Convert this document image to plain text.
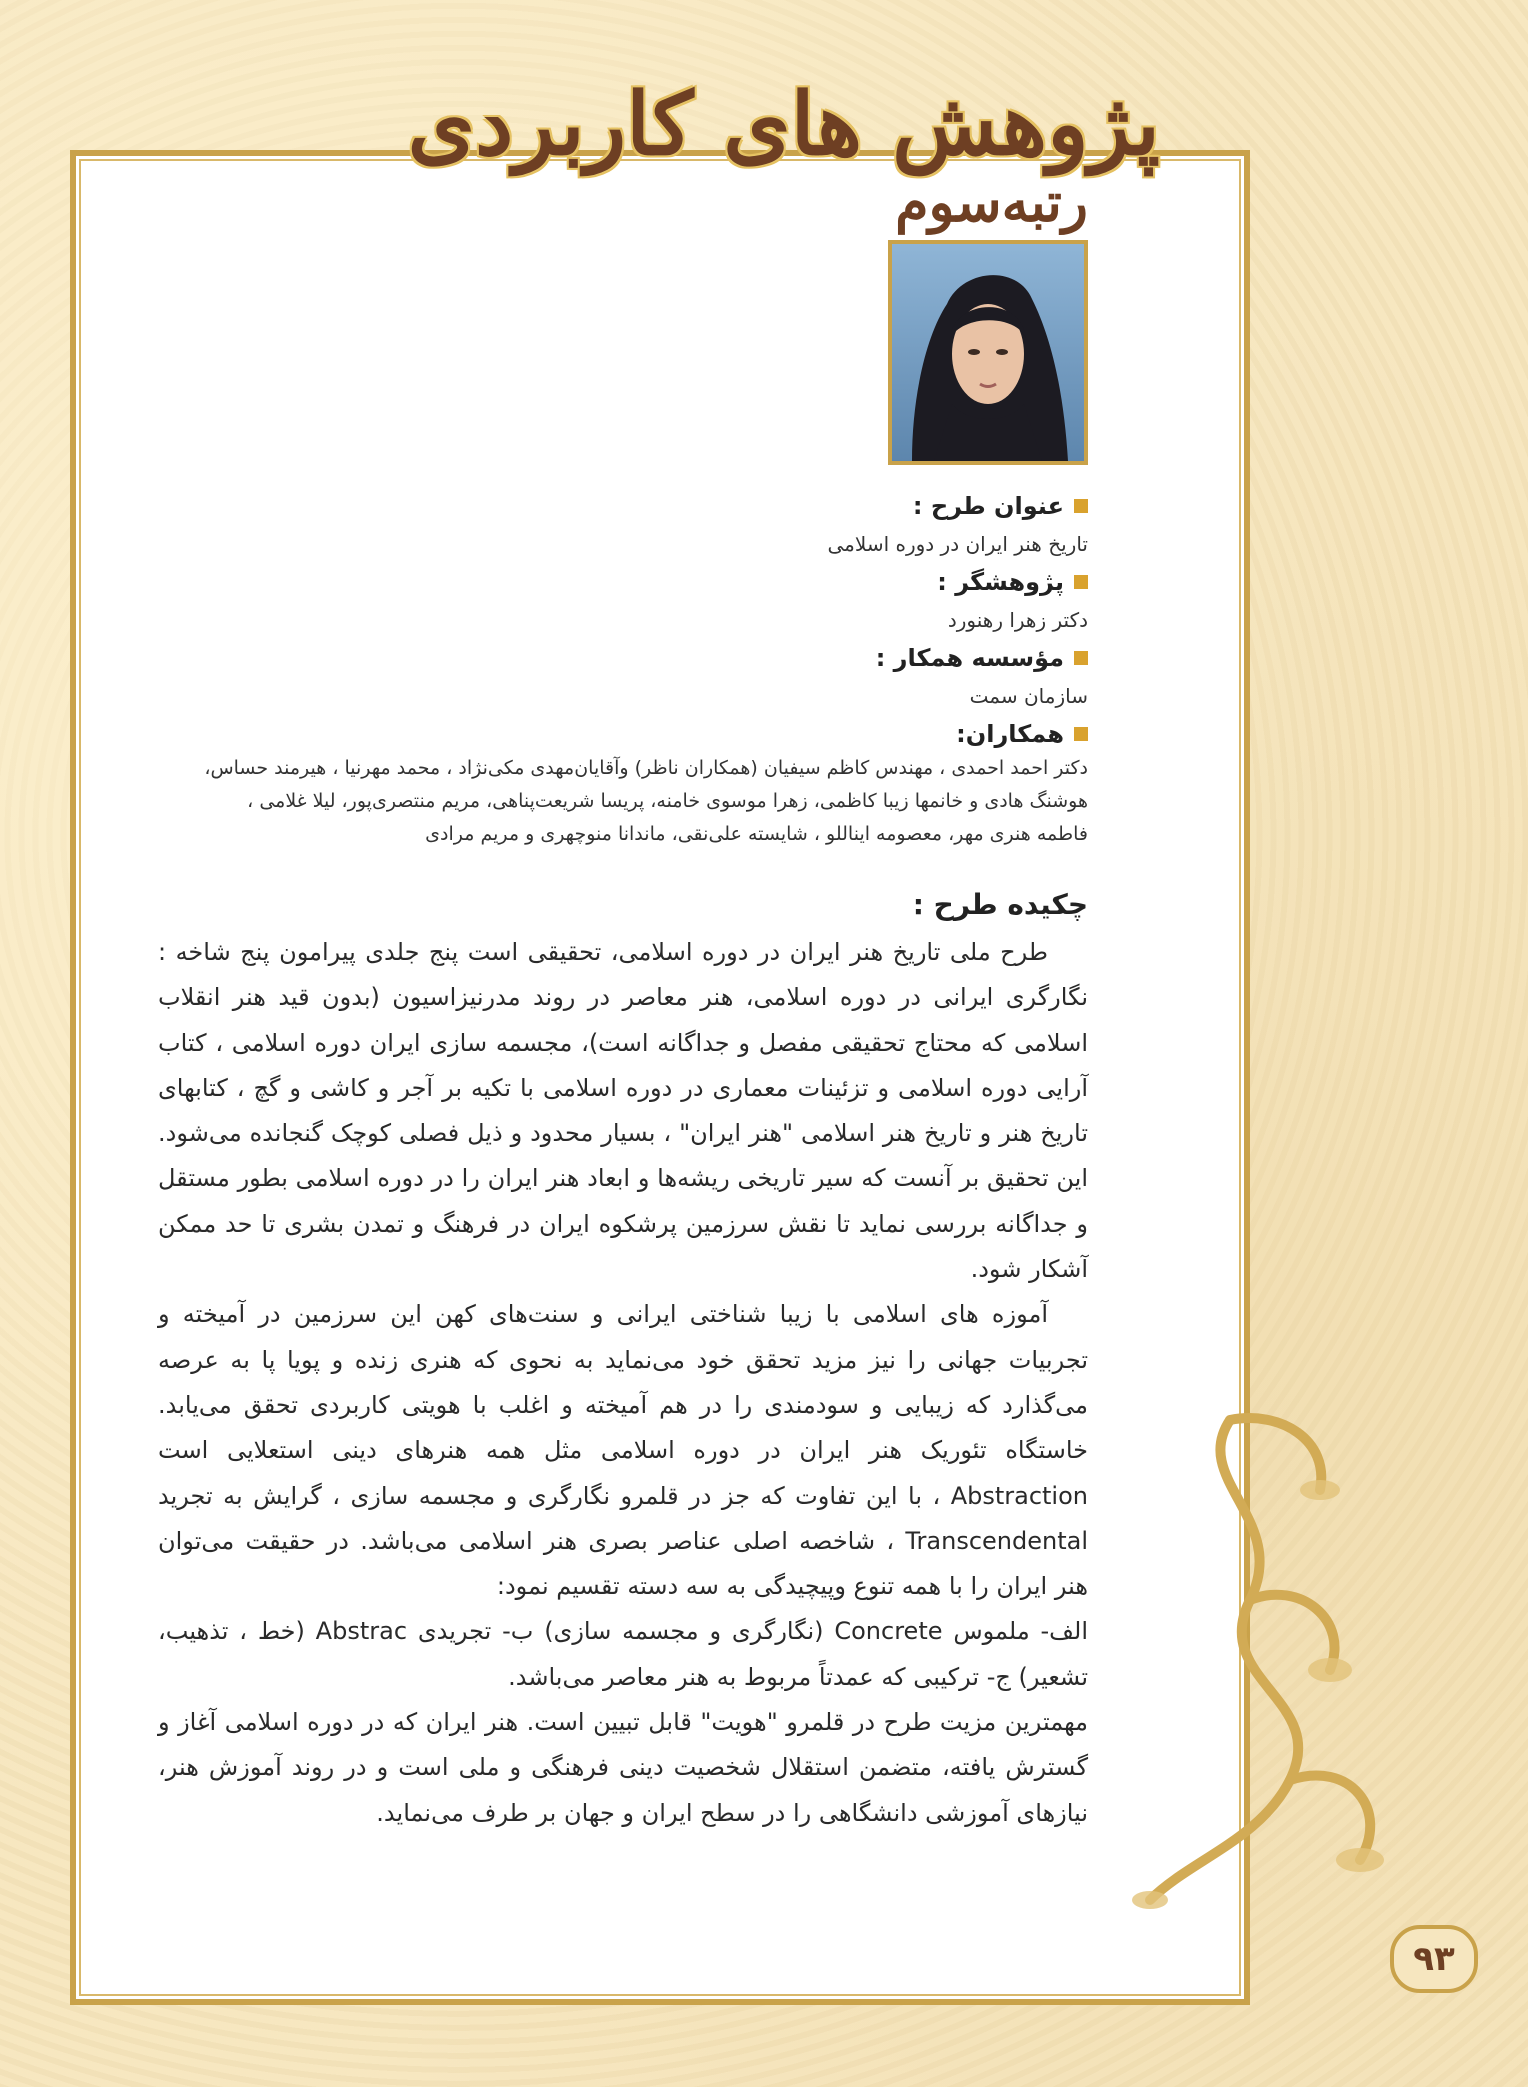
پژوهش های کاربردی
رتبه‌سوم
عنوان طرح :
تاریخ هنر ایران در دوره اسلامی
پژوهشگر :
دکتر زهرا رهنورد
مؤسسه همکار :
سازمان سمت
همکاران:
دکتر احمد احمدی ، مهندس کاظم سیفیان (همکاران ناظر) وآقایان‌مهدی مکی‌نژاد ، محمد مهرنیا ، هیرمند حساس،
هوشنگ هادی و خانمها زیبا کاظمی، زهرا موسوی خامنه، پریسا شریعت‌پناهی، مریم منتصری‌پور، لیلا غلامی ،
فاطمه هنری مهر، معصومه ایناللو ، شایسته علی‌نقی، ماندانا منوچهری و مریم مرادی
چکیده طرح :

طرح ملی تاریخ هنر ایران در دوره اسلامی، تحقیقی است پنج جلدی پیرامون پنج شاخه : نگارگری ایرانی در دوره اسلامی، هنر معاصر در روند مدرنیزاسیون (بدون قید هنر انقلاب اسلامی که محتاج تحقیقی مفصل و جداگانه است)، مجسمه سازی ایران دوره اسلامی ، کتاب آرایی دوره اسلامی و تزئینات معماری در دوره اسلامی با تکیه بر آجر و کاشی و گچ ، کتابهای تاریخ هنر و تاریخ هنر اسلامی "هنر ایران" ، بسیار محدود و ذیل فصلی کوچک گنجانده می‌شود. این تحقیق بر آنست که سیر تاریخی ریشه‌ها و ابعاد هنر ایران را در دوره اسلامی بطور مستقل و جداگانه بررسی نماید تا نقش سرزمین پرشکوه ایران در فرهنگ و تمدن بشری تا حد ممکن آشکار شود.

آموزه های اسلامی با زیبا شناختی ایرانی و سنت‌های کهن این سرزمین در آمیخته و تجربیات جهانی را نیز مزید تحقق خود می‌نماید به نحوی که هنری زنده و پویا پا به عرصه می‌گذارد که زیبایی و سودمندی را در هم آمیخته و اغلب با هویتی کاربردی تحقق می‌یابد. خاستگاه تئوریک هنر ایران در دوره اسلامی مثل همه هنرهای دینی استعلایی است Abstraction ، با این تفاوت که جز در قلمرو نگارگری و مجسمه سازی ، گرایش به تجرید Transcendental ، شاخصه اصلی عناصر بصری هنر اسلامی می‌باشد. در حقیقت می‌توان هنر ایران را با همه تنوع وپیچیدگی به سه دسته تقسیم نمود:

الف- ملموس Concrete (نگارگری و مجسمه سازی) ب- تجریدی Abstrac (خط ، تذهیب، تشعیر) ج- ترکیبی که عمدتاً مربوط به هنر معاصر می‌باشد.

مهمترین مزیت طرح در قلمرو "هویت" قابل تبیین است. هنر ایران که در دوره اسلامی آغاز و گسترش یافته، متضمن استقلال شخصیت دینی فرهنگی و ملی است و در روند آموزش هنر، نیازهای آموزشی دانشگاهی را در سطح ایران و جهان بر طرف می‌نماید.

۹۳
